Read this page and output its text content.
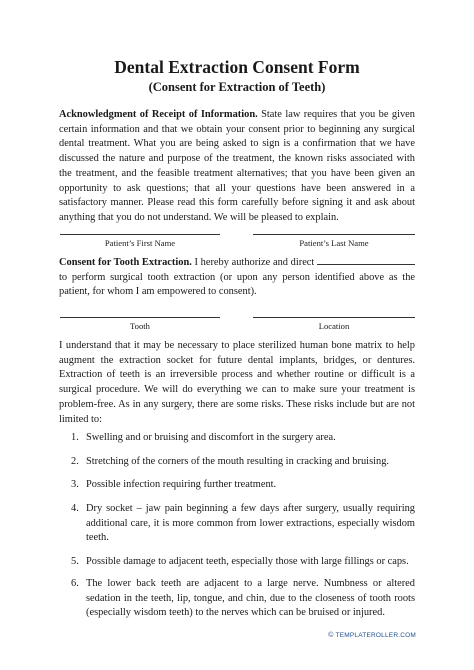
Dental Extraction Consent Form
(Consent for Extraction of Teeth)
Acknowledgment of Receipt of Information. State law requires that you be given certain information and that we obtain your consent prior to beginning any surgical dental treatment. What you are being asked to sign is a confirmation that we have discussed the nature and purpose of the treatment, the known risks associated with the treatment, and the feasible treatment alternatives; that you have been given an opportunity to ask questions; that all your questions have been answered in a satisfactory manner. Please read this form carefully before signing it and ask about anything that you do not understand. We will be pleased to explain.
Patient’s First Name	Patient’s Last Name
Consent for Tooth Extraction. I hereby authorize and direct  to perform surgical tooth extraction (or upon any person identified above as the patient, for whom I am empowered to consent).
Tooth	Location
I understand that it may be necessary to place sterilized human bone matrix to help augment the extraction socket for future dental implants, bridges, or dentures. Extraction of teeth is an irreversible process and whether routine or difficult is a surgical procedure. We will do everything we can to make sure your treatment is problem-free. As in any surgery, there are some risks. These risks include but are not limited to:
1. Swelling and or bruising and discomfort in the surgery area.
2. Stretching of the corners of the mouth resulting in cracking and bruising.
3. Possible infection requiring further treatment.
4. Dry socket – jaw pain beginning a few days after surgery, usually requiring additional care, it is more common from lower extractions, especially wisdom teeth.
5. Possible damage to adjacent teeth, especially those with large fillings or caps.
6. The lower back teeth are adjacent to a large nerve. Numbness or altered sedation in the teeth, lip, tongue, and chin, due to the closeness of tooth roots (especially wisdom teeth) to the nerves which can be bruised or injured.
© TEMPLATEROLLER.COM
